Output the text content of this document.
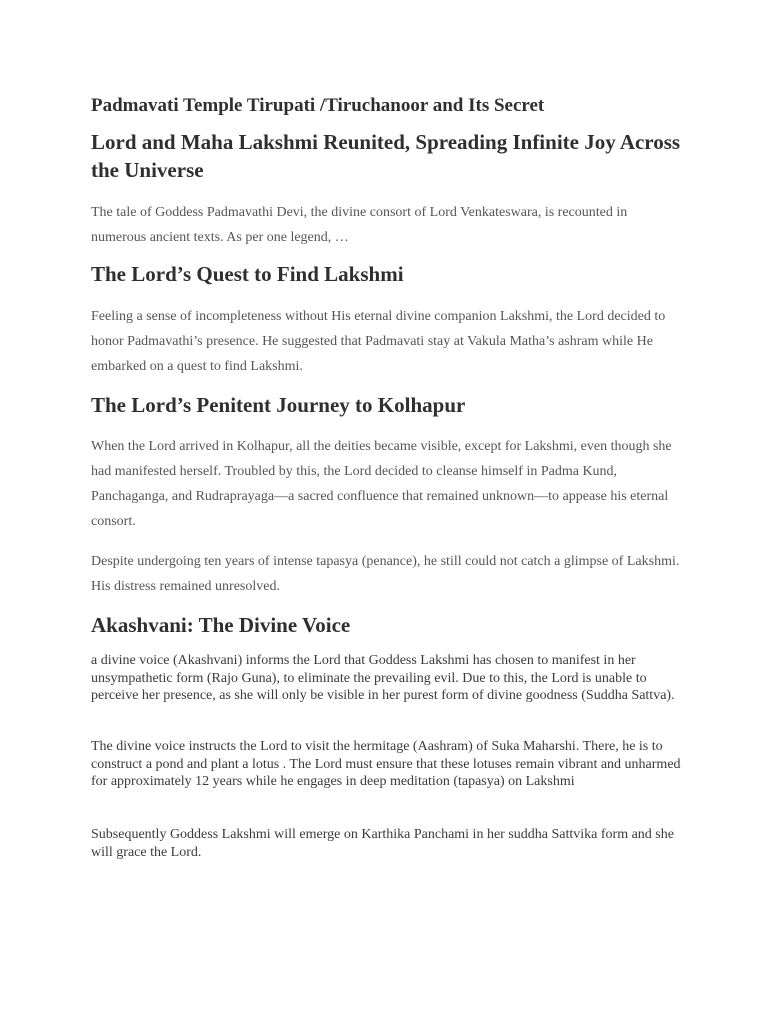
Padmavati Temple Tirupati /Tiruchanoor and Its Secret
Lord and Maha Lakshmi Reunited, Spreading Infinite Joy Across the Universe

The tale of Goddess Padmavathi Devi, the divine consort of Lord Venkateswara, is recounted in numerous ancient texts. As per one legend, …

The Lord’s Quest to Find Lakshmi

Feeling a sense of incompleteness without His eternal divine companion Lakshmi, the Lord decided to honor Padmavathi’s presence. He suggested that Padmavati stay at Vakula Matha’s ashram while He embarked on a quest to find Lakshmi.

The Lord’s Penitent Journey to Kolhapur

When the Lord arrived in Kolhapur, all the deities became visible, except for Lakshmi, even though she had manifested herself. Troubled by this, the Lord decided to cleanse himself in Padma Kund, Panchaganga, and Rudraprayaga—a sacred confluence that remained unknown—to appease his eternal consort.

Despite undergoing ten years of intense tapasya (penance), he still could not catch a glimpse of Lakshmi. His distress remained unresolved.

Akashvani: The Divine Voice

a divine voice (Akashvani) informs the Lord that Goddess Lakshmi has chosen to manifest in her unsympathetic form (Rajo Guna), to eliminate the prevailing evil. Due to this, the Lord is unable to perceive her presence, as she will only be visible in her purest form of divine goodness (Suddha Sattva).

The divine voice instructs the Lord to visit the hermitage (Aashram) of Suka Maharshi. There, he is to construct a pond and plant a lotus . The Lord must ensure that these lotuses remain vibrant and unharmed for approximately 12 years while he engages in deep meditation (tapasya) on Lakshmi

Subsequently Goddess Lakshmi will emerge on Karthika Panchami in her suddha Sattvika form and she will grace the Lord.
